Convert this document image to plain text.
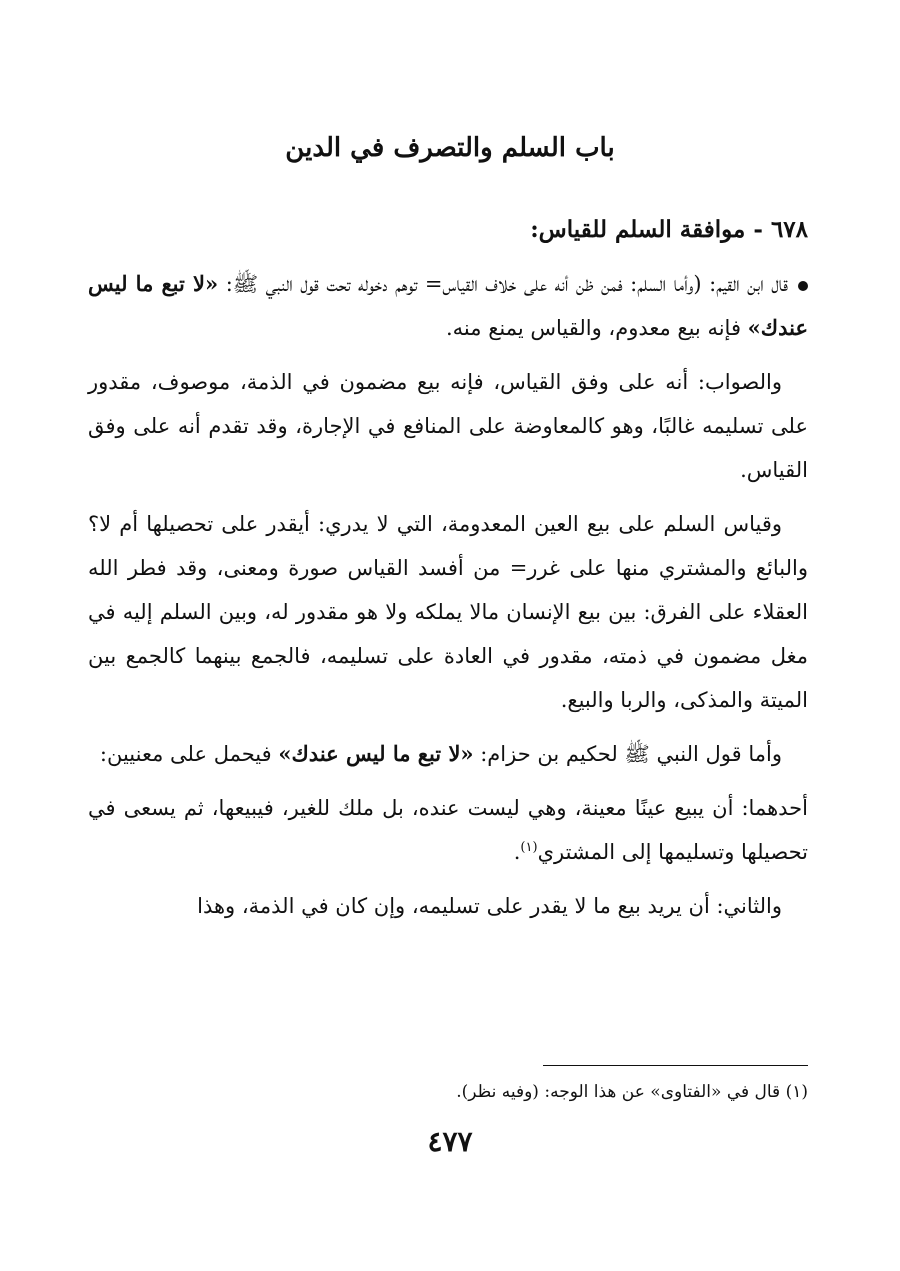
باب السلم والتصرف في الدين
٦٧٨ - موافقة السلم للقياس:

قال ابن القيم: (وأما السلم: فمن ظن أنه على خلاف القياس= توهم دخوله تحت قول النبي ﷺ: «لا تبع ما ليس عندك» فإنه بيع معدوم، والقياس يمنع منه.

والصواب: أنه على وفق القياس، فإنه بيع مضمون في الذمة، موصوف، مقدور على تسليمه غالبًا، وهو كالمعاوضة على المنافع في الإجارة، وقد تقدم أنه على وفق القياس.

وقياس السلم على بيع العين المعدومة، التي لا يدري: أيقدر على تحصيلها أم لا؟ والبائع والمشتري منها على غرر= من أفسد القياس صورة ومعنى، وقد فطر الله العقلاء على الفرق: بين بيع الإنسان مالا يملكه ولا هو مقدور له، وبين السلم إليه في مغل مضمون في ذمته، مقدور في العادة على تسليمه، فالجمع بينهما كالجمع بين الميتة والمذكى، والربا والبيع.

وأما قول النبي ﷺ لحكيم بن حزام: «لا تبع ما ليس عندك» فيحمل على معنيين:

أحدهما: أن يبيع عينًا معينة، وهي ليست عنده، بل ملك للغير، فيبيعها، ثم يسعى في تحصيلها وتسليمها إلى المشتري$^{(١)}$.

والثاني: أن يريد بيع ما لا يقدر على تسليمه، وإن كان في الذمة، وهذا

(١) قال في «الفتاوى» عن هذا الوجه: (وفيه نظر).
٤٧٧
